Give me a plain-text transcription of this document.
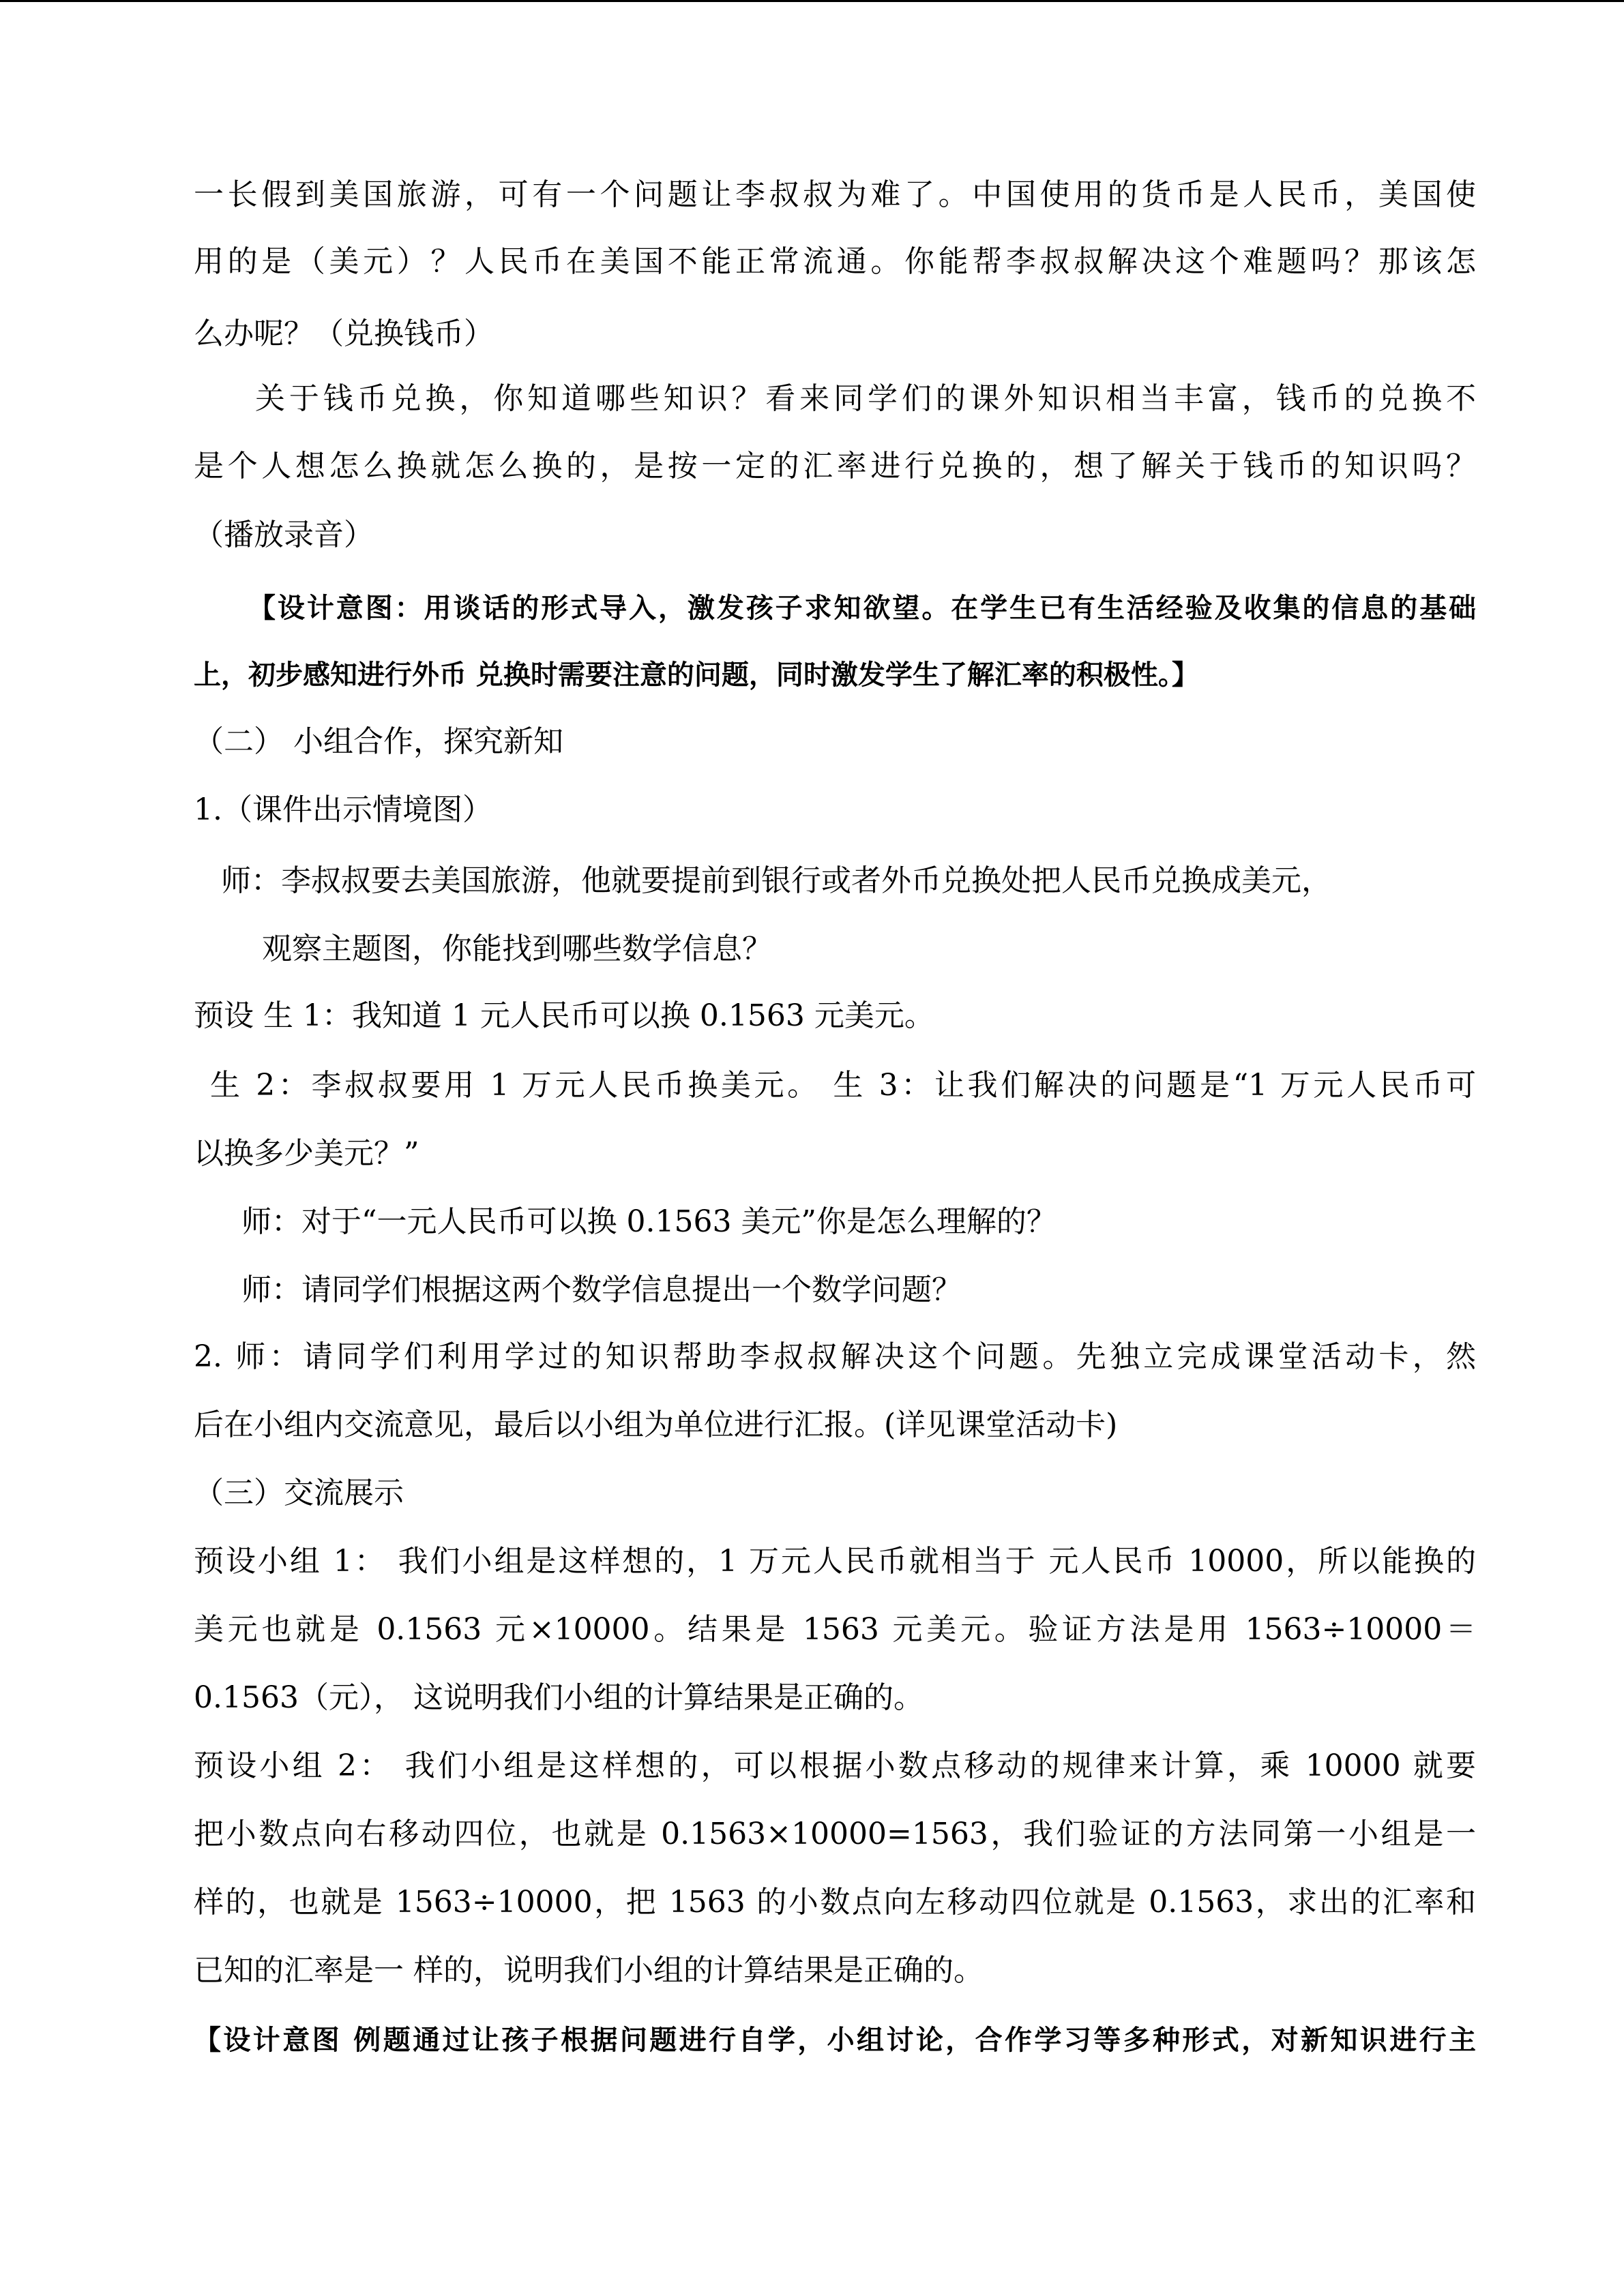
一长假到美国旅游，可有一个问题让李叔叔为难了。中国使用的货币是人民币，美国使
用的是（美元）？人民币在美国不能正常流通。你能帮李叔叔解决这个难题吗？那该怎
么办呢？（兑换钱币）
关于钱币兑换，你知道哪些知识？看来同学们的课外知识相当丰富，钱币的兑换不
是个人想怎么换就怎么换的，是按一定的汇率进行兑换的，想了解关于钱币的知识吗？
（播放录音）
【设计意图：用谈话的形式导入，激发孩子求知欲望。在学生已有生活经验及收集的信息的基础
上，初步感知进行外币 兑换时需要注意的问题，同时激发学生了解汇率的积极性。】
（二） 小组合作，探究新知
1.（课件出示情境图）
师：李叔叔要去美国旅游，他就要提前到银行或者外币兑换处把人民币兑换成美元，
观察主题图，你能找到哪些数学信息？
预设 生 1：我知道 1 元人民币可以换 0.1563 元美元。
生 2：李叔叔要用 1 万元人民币换美元。 生 3：让我们解决的问题是“1 万元人民币可
以换多少美元？”
师：对于“一元人民币可以换 0.1563 美元”你是怎么理解的？
师：请同学们根据这两个数学信息提出一个数学问题？
2. 师：请同学们利用学过的知识帮助李叔叔解决这个问题。先独立完成课堂活动卡，然
后在小组内交流意见，最后以小组为单位进行汇报。(详见课堂活动卡)
（三）交流展示
预设小组 1： 我们小组是这样想的，1 万元人民币就相当于 元人民币 10000，所以能换的
美元也就是 0.1563 元×10000。结果是 1563 元美元。验证方法是用 1563÷10000＝
0.1563（元）， 这说明我们小组的计算结果是正确的。
预设小组 2： 我们小组是这样想的，可以根据小数点移动的规律来计算，乘 10000 就要
把小数点向右移动四位，也就是 0.1563×10000=1563，我们验证的方法同第一小组是一
样的，也就是 1563÷10000，把 1563 的小数点向左移动四位就是 0.1563，求出的汇率和
已知的汇率是一 样的，说明我们小组的计算结果是正确的。
【设计意图 例题通过让孩子根据问题进行自学，小组讨论，合作学习等多种形式，对新知识进行主
